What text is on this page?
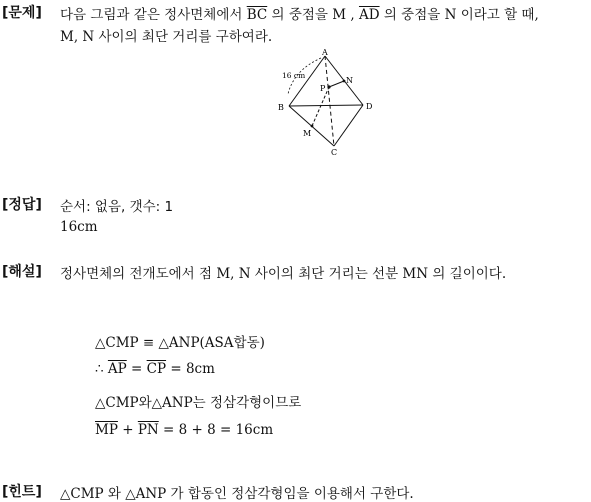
[문제] 다음 그림과 같은 정사면체에서 $\overline{BC}$ 의 중점을 M , $\overline{AD}$ 의 중점을 N 이라고 할 때,
M, N 사이의 최단 거리를 구하여라.
A
B
C
D
M
N
P
16 cm
[정답] 순서: 없음, 갯수: 1
16cm
[해설] 정사면체의 전개도에서 점 M, N 사이의 최단 거리는 선분 MN 의 길이이다.
△CMP ≡ △ANP(ASA합동)
∴ $\overline{AP} = \overline{CP} = 8cm$
△CMP와△ANP는 정삼각형이므로
$\overline{MP} + \overline{PN} = 8 + 8 = 16cm$
[힌트] △CMP 와 △ANP 가 합동인 정삼각형임을 이용해서 구한다.
